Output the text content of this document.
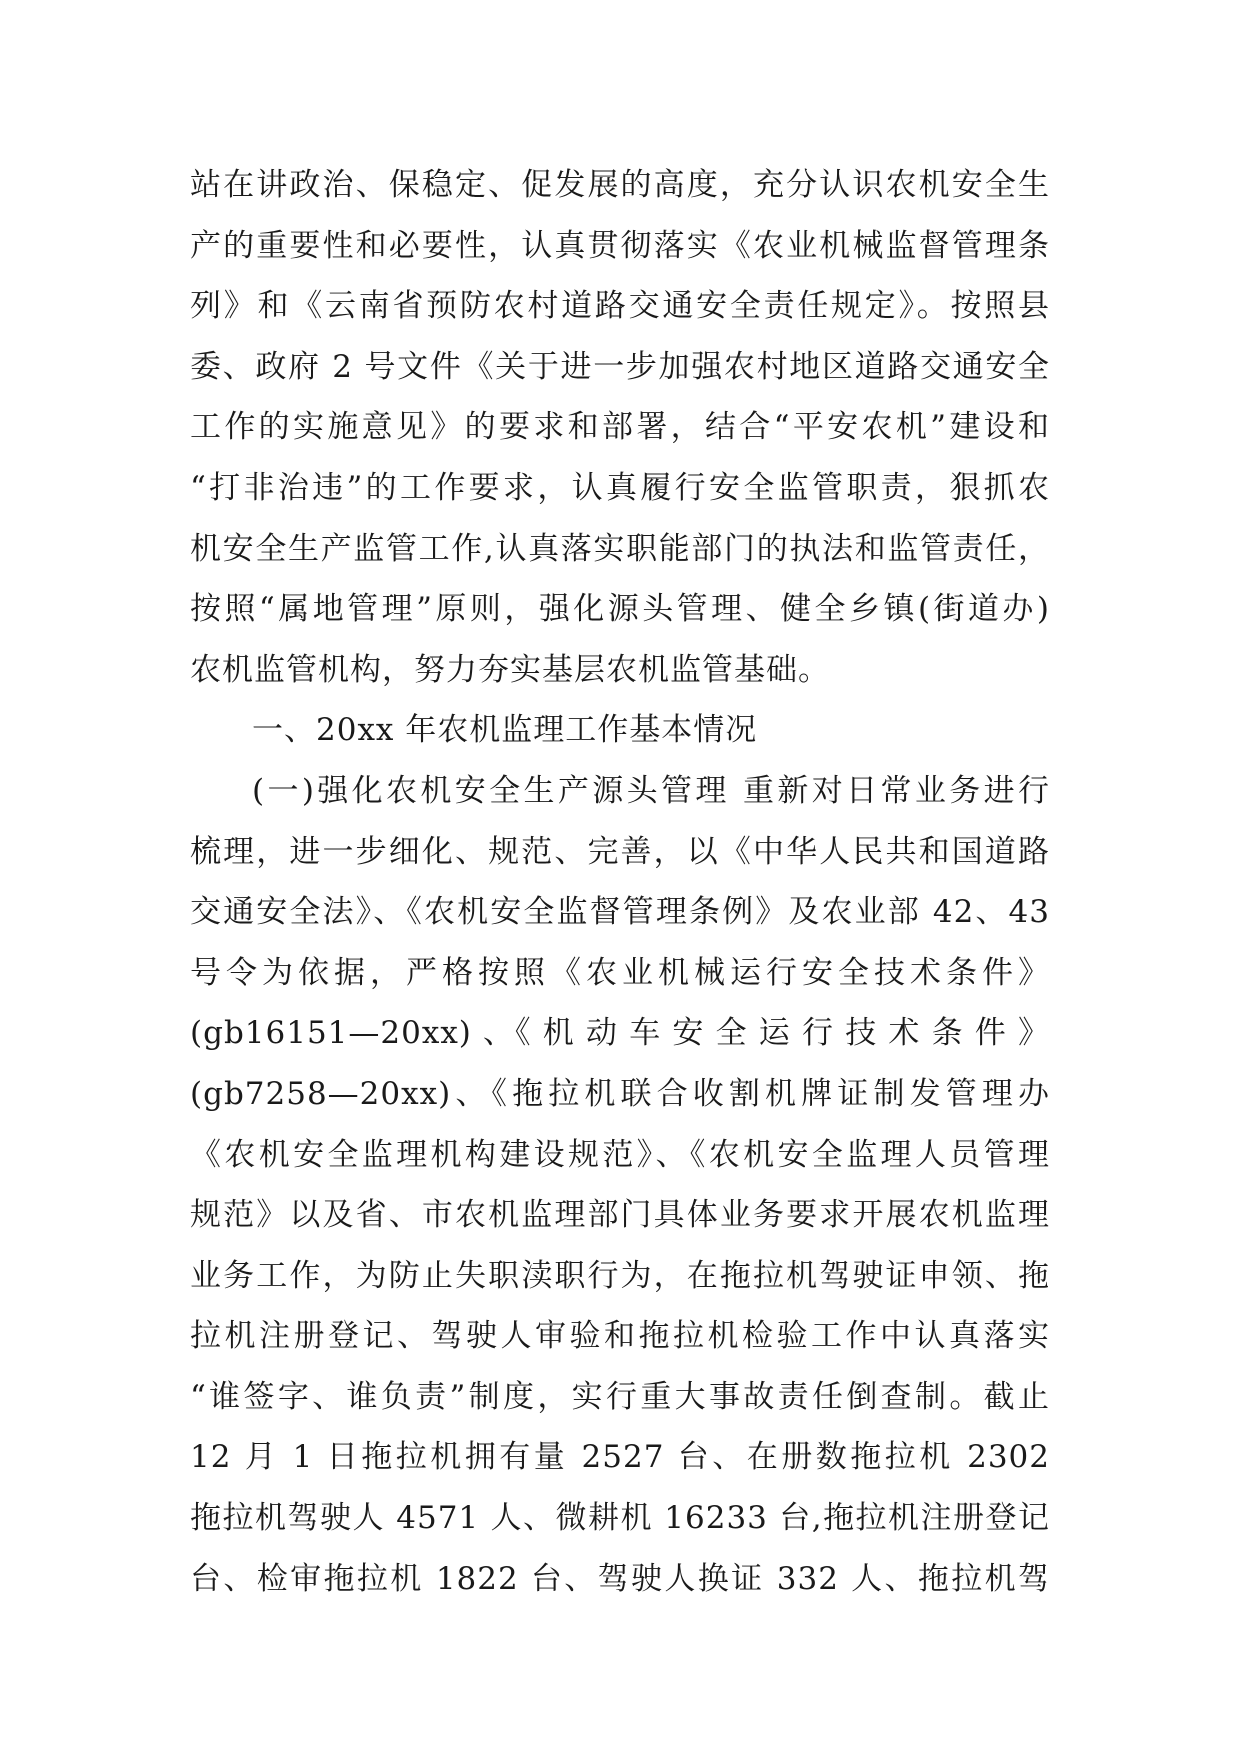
站在讲政治、保稳定、促发展的高度，充分认识农机安全生
产的重要性和必要性，认真贯彻落实《农业机械监督管理条
列》和《云南省预防农村道路交通安全责任规定》。按照县
委、政府 2 号文件《关于进一步加强农村地区道路交通安全
工作的实施意见》的要求和部署，结合“平安农机”建设和
“打非治违”的工作要求，认真履行安全监管职责，狠抓农
机安全生产监管工作,认真落实职能部门的执法和监管责任，
按照“属地管理”原则，强化源头管理、健全乡镇(街道办)
农机监管机构，努力夯实基层农机监管基础。
一、20xx 年农机监理工作基本情况
(一)强化农机安全生产源头管理 重新对日常业务进行
梳理，进一步细化、规范、完善，以《中华人民共和国道路
交通安全法》、《农机安全监督管理条例》及农业部 42、43
号令为依据，严格按照《农业机械运行安全技术条件》
(gb16151—20xx) 、《 机 动 车 安 全 运 行 技 术 条 件 》
(gb7258—20xx)、《拖拉机联合收割机牌证制发管理办
《农机安全监理机构建设规范》、《农机安全监理人员管理
规范》以及省、市农机监理部门具体业务要求开展农机监理
业务工作，为防止失职渎职行为，在拖拉机驾驶证申领、拖
拉机注册登记、驾驶人审验和拖拉机检验工作中认真落实
“谁签字、谁负责”制度，实行重大事故责任倒查制。截止
12 月 1 日拖拉机拥有量 2527 台、在册数拖拉机 2302
拖拉机驾驶人 4571 人、微耕机 16233 台,拖拉机注册登记
台、检审拖拉机 1822 台、驾驶人换证 332 人、拖拉机驾
